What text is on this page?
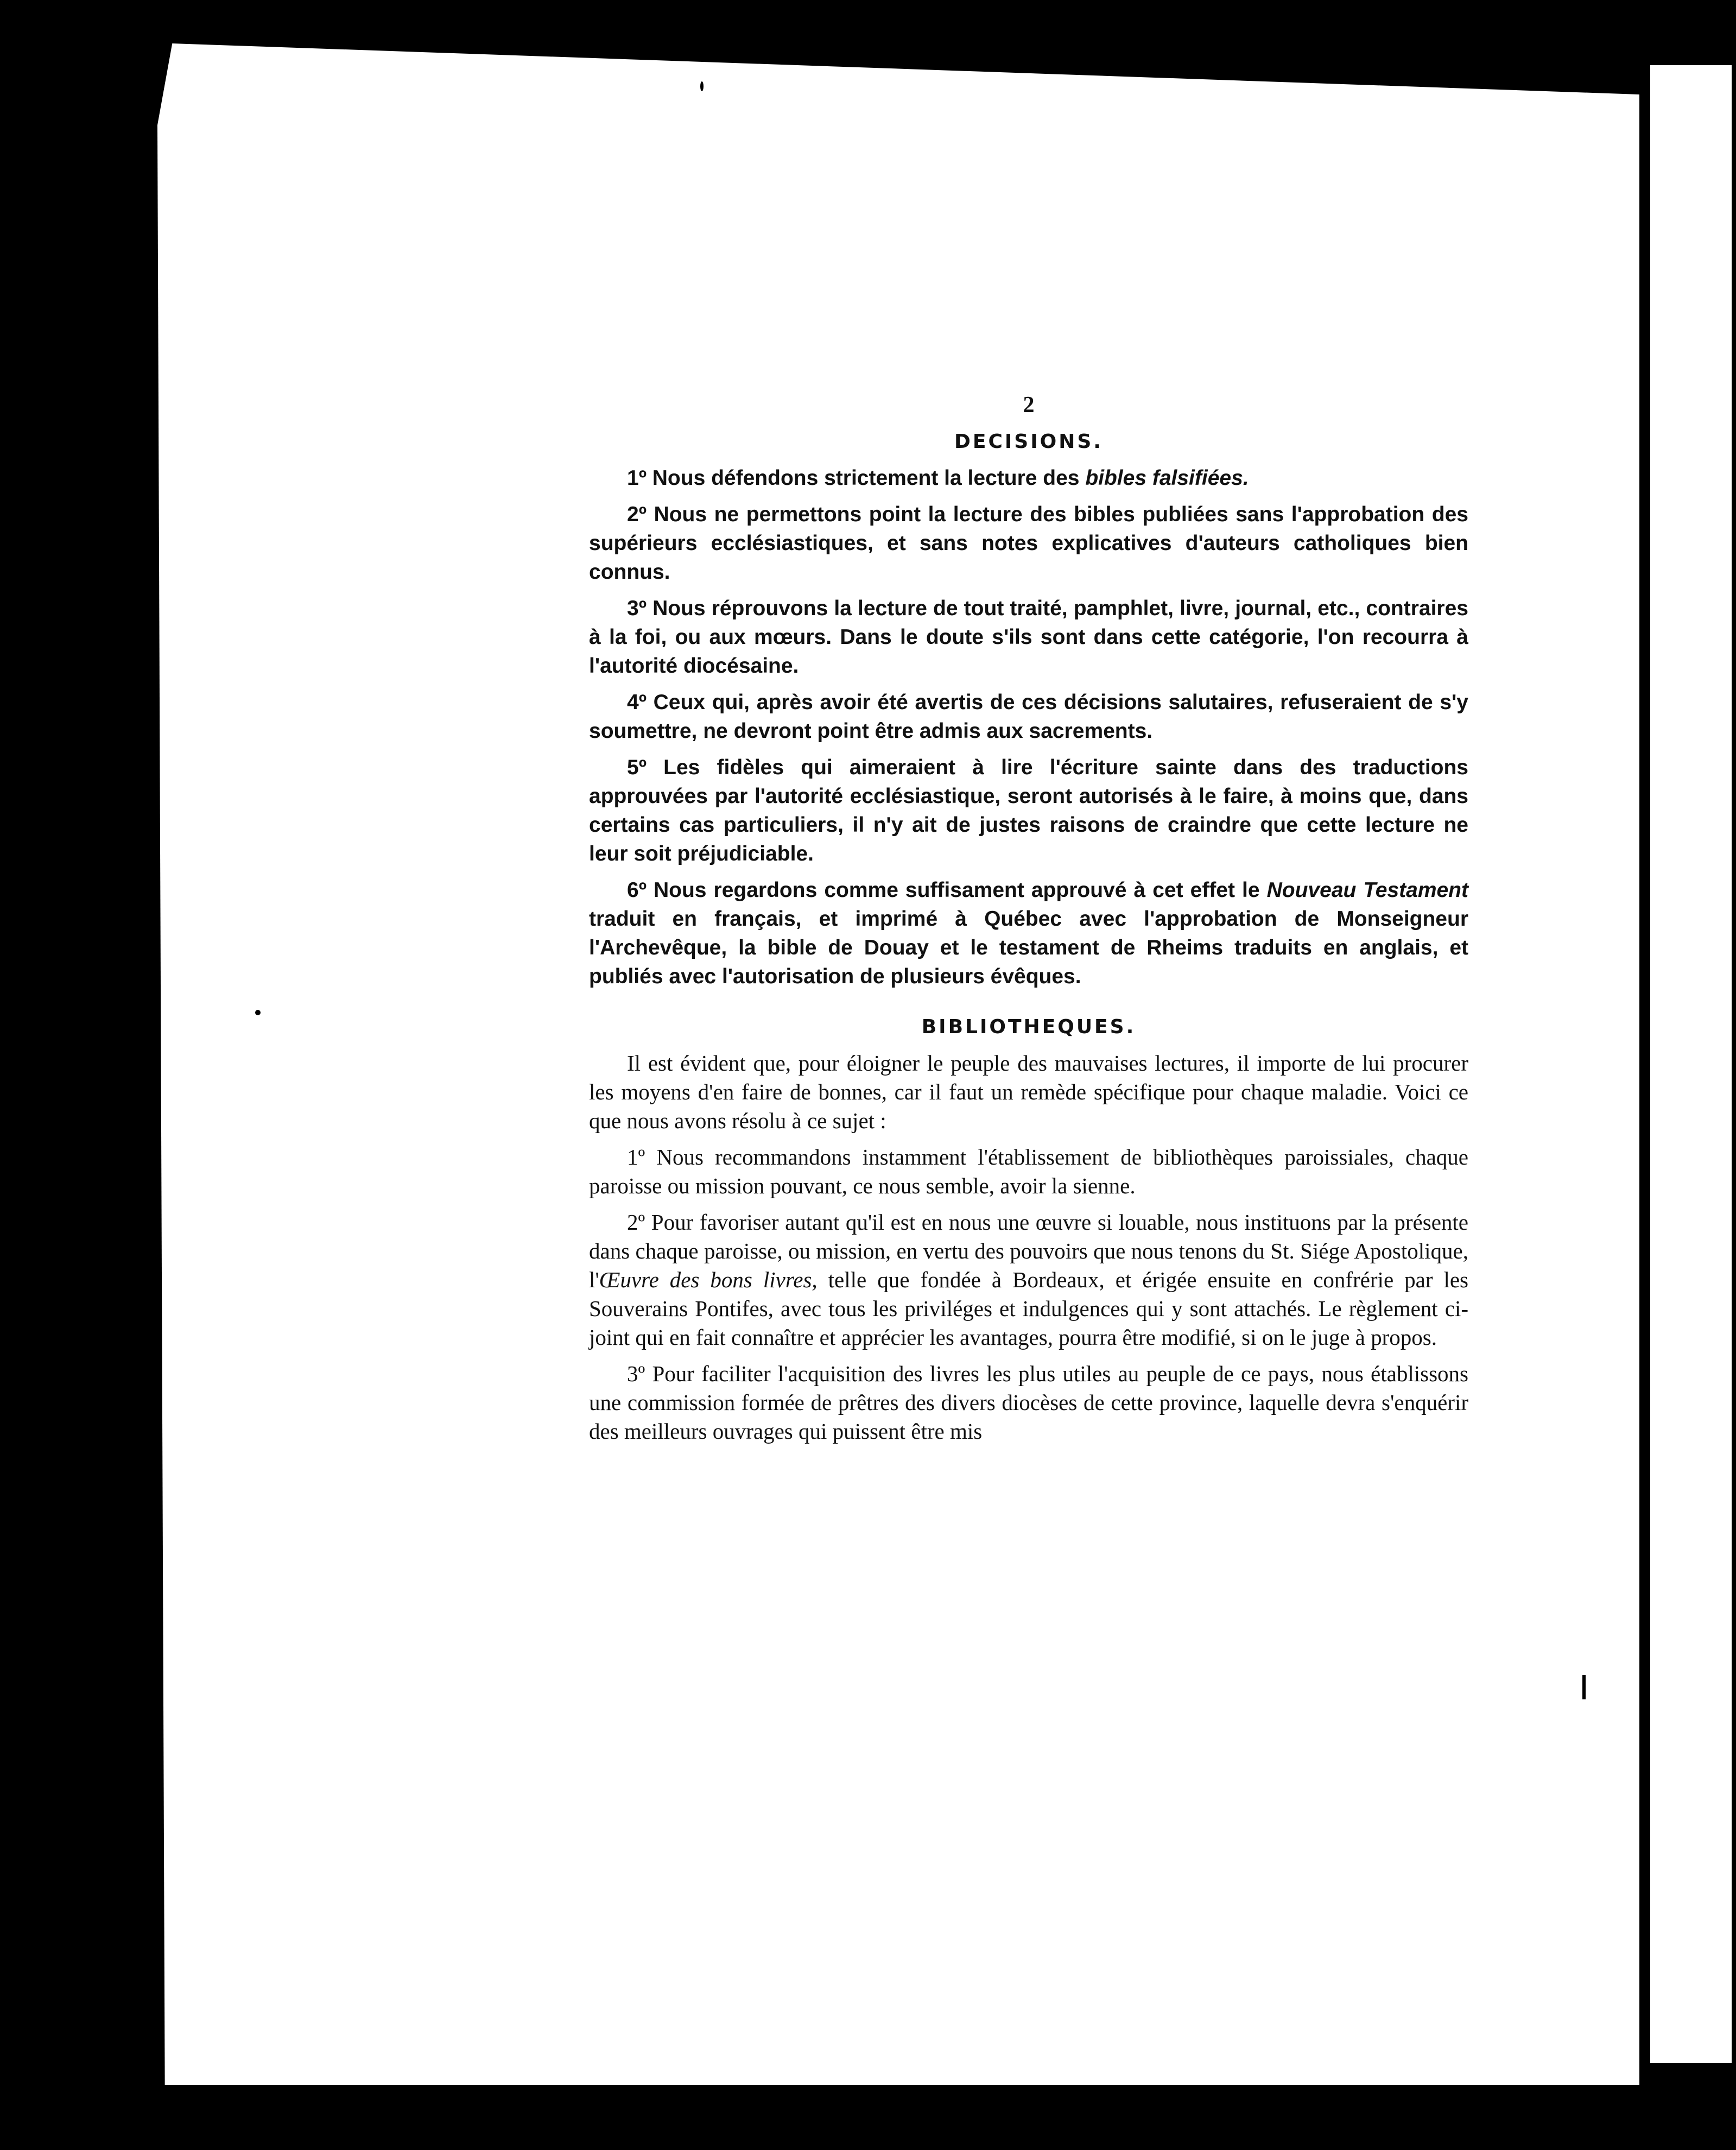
2
DECISIONS.

1º Nous défendons strictement la lecture des bibles falsifiées.

2º Nous ne permettons point la lecture des bibles publiées sans l'approbation des supérieurs ecclésiastiques, et sans notes explicatives d'auteurs catholiques bien connus.

3º Nous réprouvons la lecture de tout traité, pamphlet, livre, journal, etc., contraires à la foi, ou aux mœurs. Dans le doute s'ils sont dans cette catégorie, l'on recourra à l'autorité diocésaine.

4º Ceux qui, après avoir été avertis de ces décisions salutaires, refuseraient de s'y soumettre, ne devront point être admis aux sacrements.

5º Les fidèles qui aimeraient à lire l'écriture sainte dans des traductions approuvées par l'autorité ecclésiastique, seront autorisés à le faire, à moins que, dans certains cas particuliers, il n'y ait de justes raisons de craindre que cette lecture ne leur soit préjudiciable.

6º Nous regardons comme suffisament approuvé à cet effet le Nouveau Testament traduit en français, et imprimé à Québec avec l'approbation de Monseigneur l'Archevêque, la bible de Douay et le testament de Rheims traduits en anglais, et publiés avec l'autorisation de plusieurs évêques.

BIBLIOTHEQUES.

Il est évident que, pour éloigner le peuple des mauvaises lectures, il importe de lui procurer les moyens d'en faire de bonnes, car il faut un remède spécifique pour chaque maladie. Voici ce que nous avons résolu à ce sujet :

1º Nous recommandons instamment l'établissement de bibliothèques paroissiales, chaque paroisse ou mission pouvant, ce nous semble, avoir la sienne.

2º Pour favoriser autant qu'il est en nous une œuvre si louable, nous instituons par la présente dans chaque paroisse, ou mission, en vertu des pouvoirs que nous tenons du St. Siége Apostolique, l'Œuvre des bons livres, telle que fondée à Bordeaux, et érigée ensuite en confrérie par les Souverains Pontifes, avec tous les priviléges et indulgences qui y sont attachés. Le règlement ci-joint qui en fait connaître et apprécier les avantages, pourra être modifié, si on le juge à propos.

3º Pour faciliter l'acquisition des livres les plus utiles au peuple de ce pays, nous établissons une commission formée de prêtres des divers diocèses de cette province, laquelle devra s'enquérir des meilleurs ouvrages qui puissent être mis
